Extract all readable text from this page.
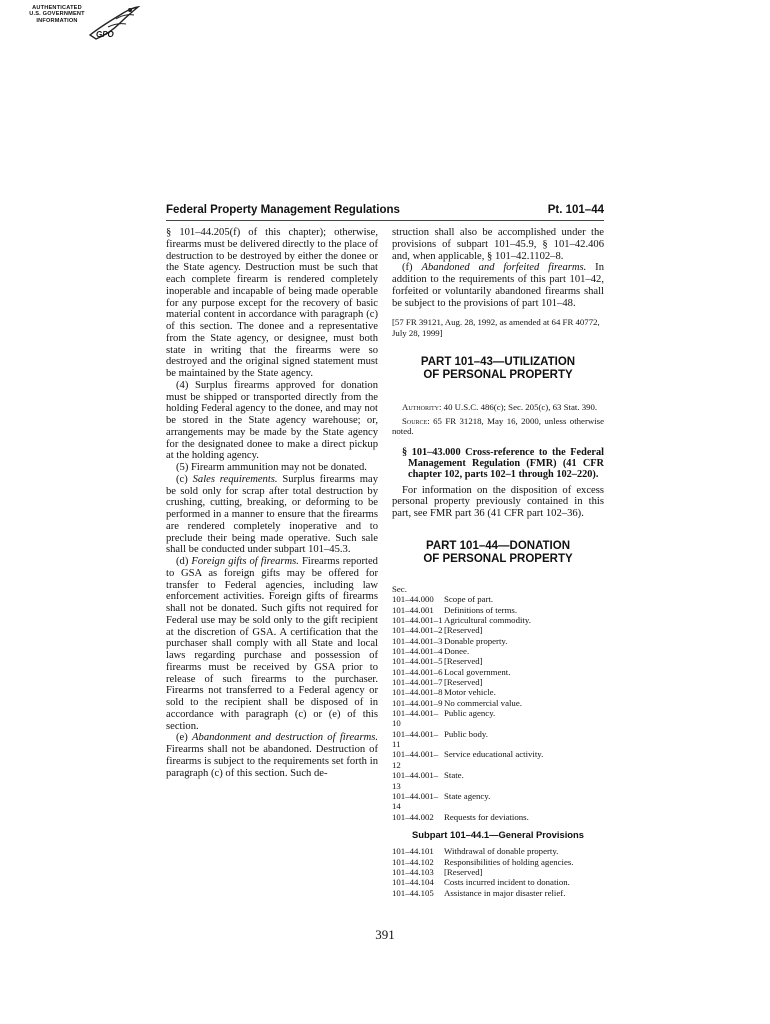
AUTHENTICATED
U.S. GOVERNMENT
INFORMATION
GPO
Federal Property Management Regulations	Pt. 101–44

§ 101–44.205(f) of this chapter); otherwise, firearms must be delivered directly to the place of destruction to be destroyed by either the donee or the State agency. Destruction must be such that each complete firearm is rendered completely inoperable and incapable of being made operable for any purpose except for the recovery of basic material content in accordance with paragraph (c) of this section. The donee and a representative from the State agency, or designee, must both state in writing that the firearms were so destroyed and the original signed statement must be maintained by the State agency.

(4) Surplus firearms approved for donation must be shipped or transported directly from the holding Federal agency to the donee, and may not be stored in the State agency warehouse; or, arrangements may be made by the State agency for the designated donee to make a direct pickup at the holding agency.

(5) Firearm ammunition may not be donated.

(c) Sales requirements. Surplus firearms may be sold only for scrap after total destruction by crushing, cutting, breaking, or deforming to be performed in a manner to ensure that the firearms are rendered completely inoperative and to preclude their being made operative. Such sale shall be conducted under subpart 101–45.3.

(d) Foreign gifts of firearms. Firearms reported to GSA as foreign gifts may be offered for transfer to Federal agencies, including law enforcement activities. Foreign gifts of firearms shall not be donated. Such gifts not required for Federal use may be sold only to the gift recipient at the discretion of GSA. A certification that the purchaser shall comply with all State and local laws regarding purchase and possession of firearms must be received by GSA prior to release of such firearms to the purchaser. Firearms not transferred to a Federal agency or sold to the recipient shall be disposed of in accordance with paragraph (c) or (e) of this section.

(e) Abandonment and destruction of firearms. Firearms shall not be abandoned. Destruction of firearms is subject to the requirements set forth in paragraph (c) of this section. Such de-

struction shall also be accomplished under the provisions of subpart 101–45.9, § 101–42.406 and, when applicable, § 101–42.1102–8.

(f) Abandoned and forfeited firearms. In addition to the requirements of this part 101–42, forfeited or voluntarily abandoned firearms shall be subject to the provisions of part 101–48.

[57 FR 39121, Aug. 28, 1992, as amended at 64 FR 40772, July 28, 1999]

PART 101–43—UTILIZATION OF PERSONAL PROPERTY

Authority: 40 U.S.C. 486(c); Sec. 205(c), 63 Stat. 390.

Source: 65 FR 31218, May 16, 2000, unless otherwise noted.

§ 101–43.000 Cross-reference to the Federal Management Regulation (FMR) (41 CFR chapter 102, parts 102–1 through 102–220).

For information on the disposition of excess personal property previously contained in this part, see FMR part 36 (41 CFR part 102–36).

PART 101–44—DONATION OF PERSONAL PROPERTY

Sec.
101–44.000	Scope of part.
101–44.001	Definitions of terms.
101–44.001–1 Agricultural commodity.
101–44.001–2 [Reserved]
101–44.001–3 Donable property.
101–44.001–4 Donee.
101–44.001–5 [Reserved]
101–44.001–6 Local government.
101–44.001–7 [Reserved]
101–44.001–8 Motor vehicle.
101–44.001–9 No commercial value.
101–44.001–10
Public agency.
101–44.001–11
Public body.
101–44.001–12
Service educational activity.
101–44.001–13
State.
101–44.001–14
State agency.
101–44.002	Requests for deviations.
Subpart 101–44.1—General Provisions
101–44.101	Withdrawal of donable property.
101–44.102	Responsibilities of holding agencies.
101–44.103	[Reserved]
101–44.104	Costs incurred incident to donation.
101–44.105	Assistance in major disaster relief.
391
